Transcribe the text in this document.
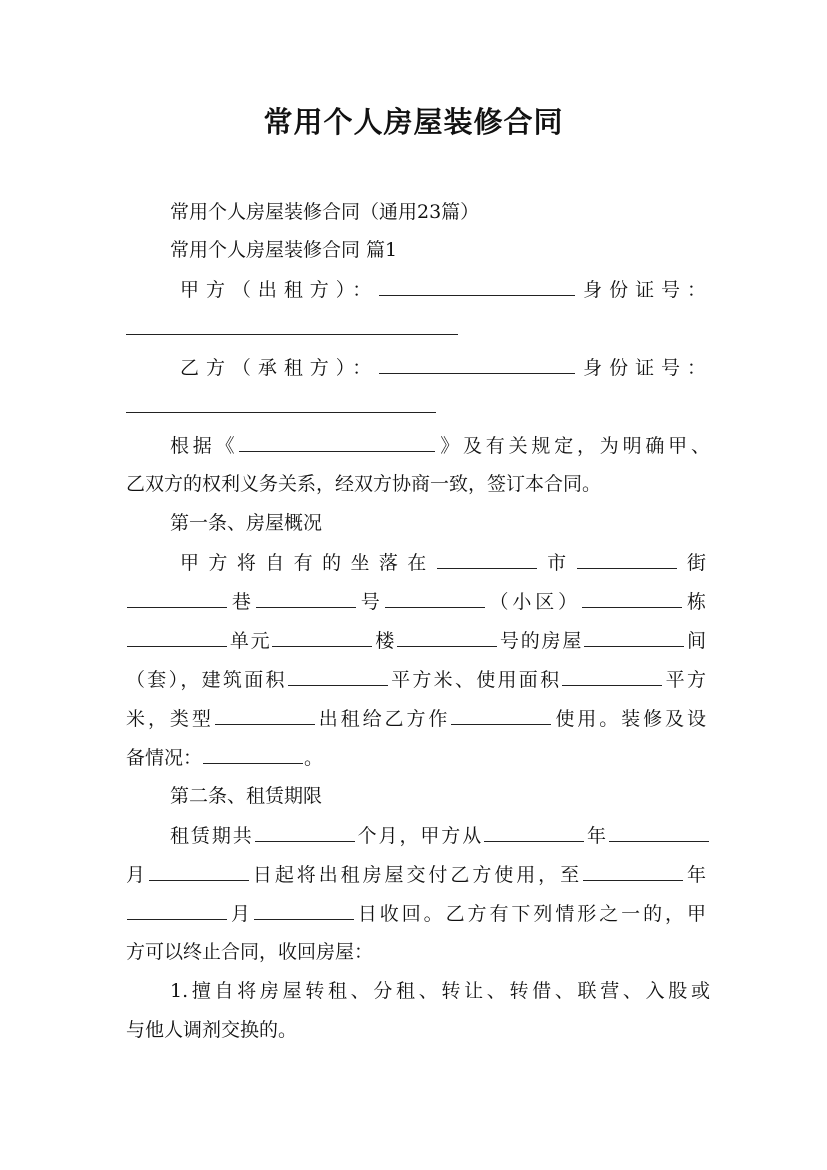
常用个人房屋装修合同
常用个人房屋装修合同（通用23篇）
常用个人房屋装修合同 篇1
甲方（出租方）：	身份证号：
乙方（承租方）：	身份证号：
根据《	》及有关规定，为明确甲、
乙双方的权利义务关系，经双方协商一致，签订本合同。
第一条、房屋概况
甲方将自有的坐落在	市	街
巷	号	（小区）	栋
单元	楼	号的房屋	间
（套），建筑面积	平方米、使用面积	平方
米，类型	出租给乙方作	使用。装修及设
备情况：	。
第二条、租赁期限
租赁期共	个月，甲方从	年
月	日起将出租房屋交付乙方使用，至	年
月	日收回。乙方有下列情形之一的，甲
方可以终止合同，收回房屋：
1.擅自将房屋转租、分租、转让、转借、联营、入股或
与他人调剂交换的。
